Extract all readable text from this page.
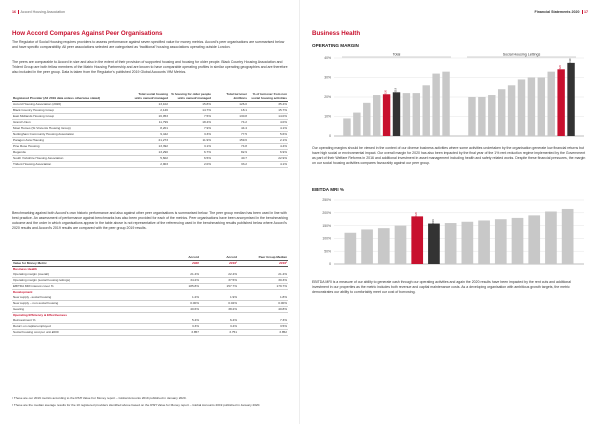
16 Accord Housing Association
How Accord Compares Against Peer Organisations
The Regulator of Social Housing requires providers to assess performance against seven specified value for money metrics. Accord’s peer organisations are summarised below and have specific comparability. All peer associations selected are categorised as ‘traditional’ housing associations operating outside London.
The peers are comparable to Accord in size and also in the extent of their provision of supported housing and housing for older people. Black Country Housing Association and Trident Group are both fellow members of the Matrix Housing Partnership and are known to have comparable operating profiles in similar operating geographies and are therefore also included in the peer group. Data is taken from the Regulator’s published 2019 Global Accounts VfM Metrics.
Registered Provider (All 2019 data unless otherwise stated)	Total social housing units owned/ managed	% housing for older people units owned/ managed	Total turnover £millions	% of turnover from non social housing activities
Accord Housing Association (2020)	13,102	15.8%	126.0	35.4%
Black Country Housing Group	2,146	14.7%	18.1	15.7%
East Midlands Housing Group	16,053	7.5%	130.8	14.0%
Grand Union	11,799	18.4%	74.2	4.0%
Moat Homes (St Vincents Housing Group)	8,201	7.9%	44.4	4.1%
Nottingham Community Housing Association	9,442	3.3%	77.5	5.6%
Paragon Asra Housing	21,273	11.9%	159.6	2.1%
Pine Rose Housing	13,392	3.1%	74.8	4.4%
Regenda	13,290	6.7%	82.9	6.9%
South Yorkshire Housing Association	5,602	6.5%	40.7	22.9%
Trident Housing Association	2,903	2.0%	33.2	4.1%
Benchmarking against both Accord’s own historic performance and also against other peer organisations is summarised below. The peer group median has been used in line with best practice. An assessment of performance against benchmarks has also been provided for each of the metrics. Peer organisations have been anonymised in the benchmarking outcome and the order in which organisations appear in the table above is not representative of the referencing used in the benchmarking results published below where Accord’s 2020 results and Accord’s 2019 results are compared with the peer group 2019 results.
	Accord	Accord	Peer Group Median
Value for Money Metric	2020	2019¹	2019²
Business Health			
Operating margin (overall)	21.4%	22.4%	21.4%
Operating margin (social housing lettings)	34.2%	37.5%	30.3%
EBITDA MRI interest cover %	185.8%	157.7%	179.7%
Development			
New supply –social housing	1.2%	1.9%	1.8%
New supply – non-social housing	0.00%	0.02%	0.00%
Gearing	40.6%	38.2%	40.8%
Operating Efficiency & Effectiveness			
Reinvestment %	5.4%	6.4%	7.3%
Return on capital employed	3.3%	3.4%	3.5%
Social housing cost per unit £000	3.857	3.751	3.852
¹ These are our 2019 metrics according to the RSH Value For Money report – Global Accounts 2019 published in January 2020.
² These are the median average results for the 10 registered providers identified above based on the RSH Value for Money report – Global Accounts 2019 published in January 2020.
Financial Statements 2020 17
Business Health
OPERATING MARGIN
0
10%
20%
30%
40%
Total
2020	2019
Social Housing Lettings
2020
2019
Our operating margins should be viewed in the context of our diverse business activities where some activities undertaken by the organisation generate low financial returns but have high social or environmental impact. Our overall margin for 2020 has also been impacted by the final year of the 1% rent reduction regime implemented by the Government as part of their Welfare Reforms in 2016 and additional investment in asset management including health and safety related works. Despite these financial pressures, the margin on our social housing activities compares favourably against our peer group.
EBITDA MRI %
0
50%
100%
150%
200%
250%
2020
2019
EBITDA MRI is a measure of our ability to generate cash through our operating activities and again the 2020 results have been impacted by the rent cuts and additional investment in our properties as the metric includes both revenue and capital maintenance costs. As a developing organisation with ambitious growth targets, the metric demonstrates our ability to comfortably meet our cost of borrowing.
